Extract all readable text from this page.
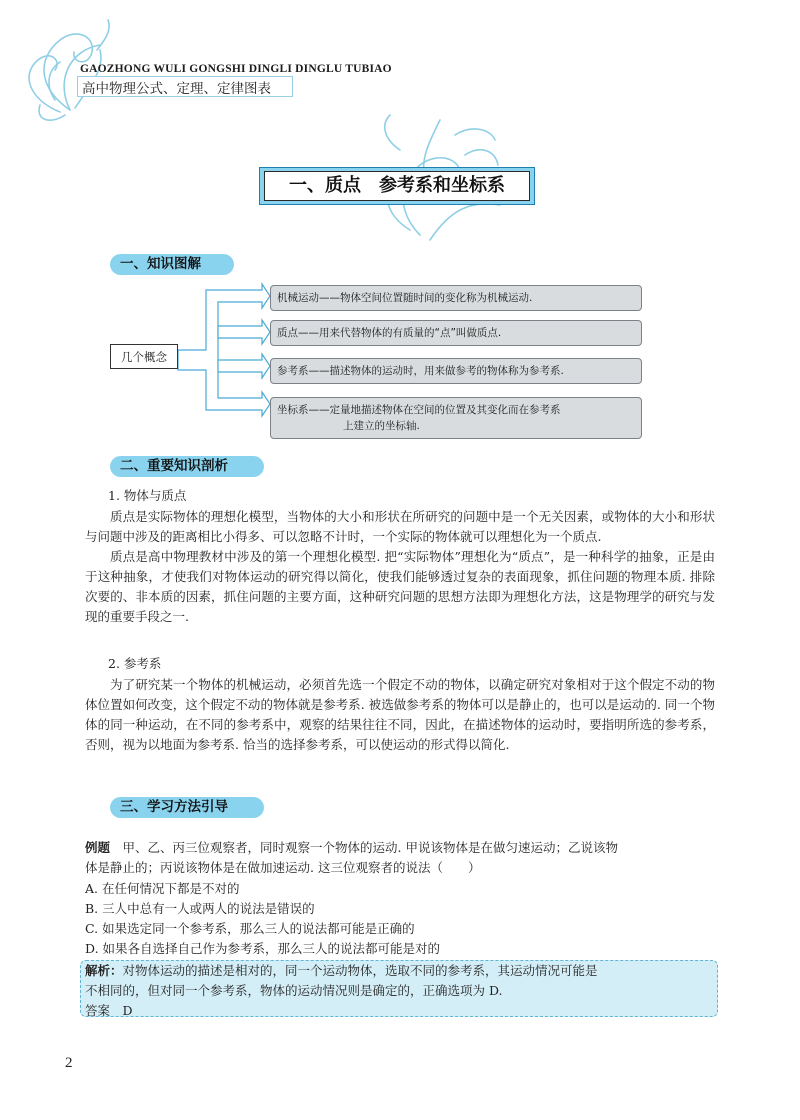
GAOZHONG WULI GONGSHI DINGLI DINGLU TUBIAO
高中物理公式、定理、定律图表
一、质点　参考系和坐标系
一、知识图解
几个概念
机械运动——物体空间位置随时间的变化称为机械运动.
质点——用来代替物体的有质量的“点”叫做质点.
参考系——描述物体的运动时，用来做参考的物体称为参考系.
坐标系——定量地描述物体在空间的位置及其变化而在参考系
上建立的坐标轴.
二、重要知识剖析
1. 物体与质点

质点是实际物体的理想化模型，当物体的大小和形状在所研究的问题中是一个无关因素，或物体的大小和形状与问题中涉及的距离相比小得多、可以忽略不计时，一个实际的物体就可以理想化为一个质点.

质点是高中物理教材中涉及的第一个理想化模型. 把“实际物体”理想化为“质点”，是一种科学的抽象，正是由于这种抽象，才使我们对物体运动的研究得以简化，使我们能够透过复杂的表面现象，抓住问题的物理本质. 排除次要的、非本质的因素，抓住问题的主要方面，这种研究问题的思想方法即为理想化方法，这是物理学的研究与发现的重要手段之一.

2. 参考系

为了研究某一个物体的机械运动，必须首先选一个假定不动的物体，以确定研究对象相对于这个假定不动的物体位置如何改变，这个假定不动的物体就是参考系. 被选做参考系的物体可以是静止的，也可以是运动的. 同一个物体的同一种运动，在不同的参考系中，观察的结果往往不同，因此，在描述物体的运动时，要指明所选的参考系，否则，视为以地面为参考系. 恰当的选择参考系，可以使运动的形式得以简化.

三、学习方法引导
例题　甲、乙、丙三位观察者，同时观察一个物体的运动. 甲说该物体是在做匀速运动；乙说该物
体是静止的；丙说该物体是在做加速运动. 这三位观察者的说法（　　）
A. 在任何情况下都是不对的
B. 三人中总有一人或两人的说法是错误的
C. 如果选定同一个参考系，那么三人的说法都可能是正确的
D. 如果各自选择自己作为参考系，那么三人的说法都可能是对的
解析：对物体运动的描述是相对的，同一个运动物体，选取不同的参考系，其运动情况可能是
不相同的，但对同一个参考系，物体的运动情况则是确定的，正确选项为 D.
答案　 D
2
